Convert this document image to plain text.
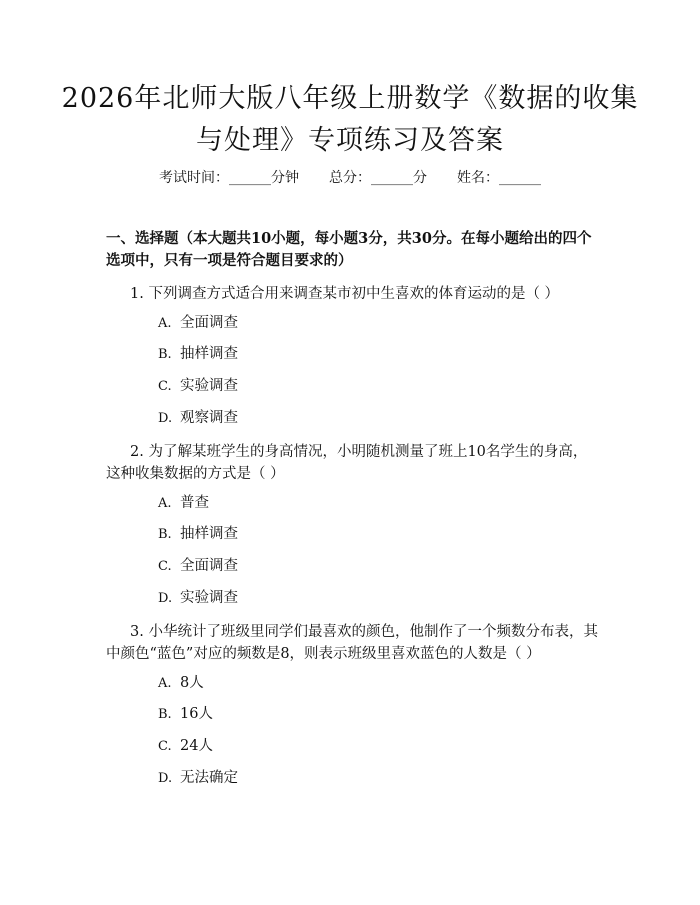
2026年北师大版八年级上册数学《数据的收集与处理》专项练习及答案
考试时间：______分钟 总分：______分 姓名：______
一、选择题（本大题共10小题，每小题3分，共30分。在每小题给出的四个选项中，只有一项是符合题目要求的）
1. 下列调查方式适合用来调查某市初中生喜欢的体育运动的是（ ）
A. 全面调查
B. 抽样调查
C. 实验调查
D. 观察调查
2. 为了解某班学生的身高情况，小明随机测量了班上10名学生的身高，这种收集数据的方式是（ ）
A. 普查
B. 抽样调查
C. 全面调查
D. 实验调查
3. 小华统计了班级里同学们最喜欢的颜色，他制作了一个频数分布表，其中颜色“蓝色”对应的频数是8，则表示班级里喜欢蓝色的人数是（ ）
A. 8人
B. 16人
C. 24人
D. 无法确定
